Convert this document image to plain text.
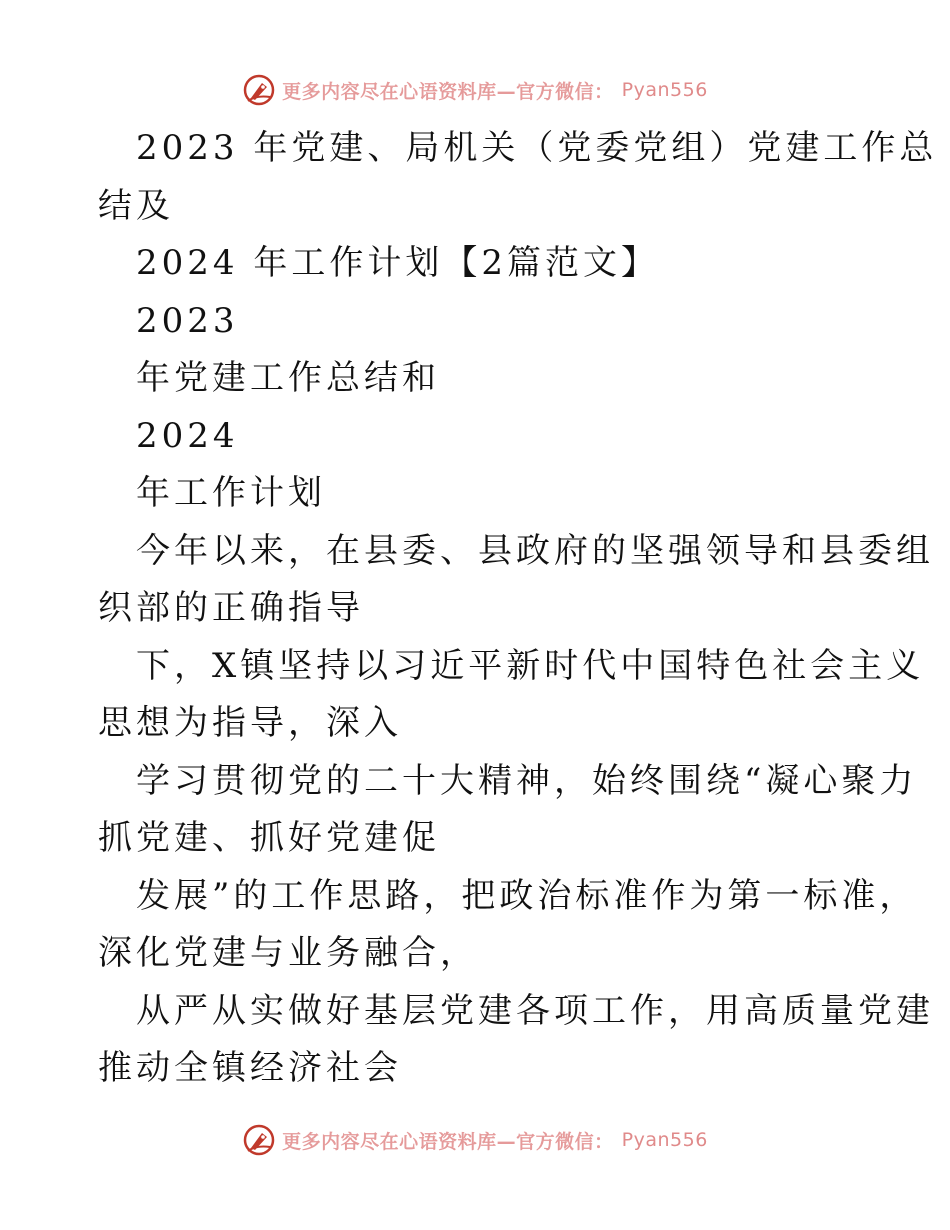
更多内容尽在心语资料库—官方微信： Pyan556

2023 年党建、局机关（党委党组）党建工作总

结及

2024 年工作计划【2篇范文】

2023

年党建工作总结和

2024

年工作计划

今年以来，在县委、县政府的坚强领导和县委组

织部的正确指导

下，X镇坚持以习近平新时代中国特色社会主义

思想为指导，深入

学习贯彻党的二十大精神，始终围绕“凝心聚力

抓党建、抓好党建促

发展”的工作思路，把政治标准作为第一标准，

深化党建与业务融合，

从严从实做好基层党建各项工作，用高质量党建

推动全镇经济社会

更多内容尽在心语资料库—官方微信： Pyan556
